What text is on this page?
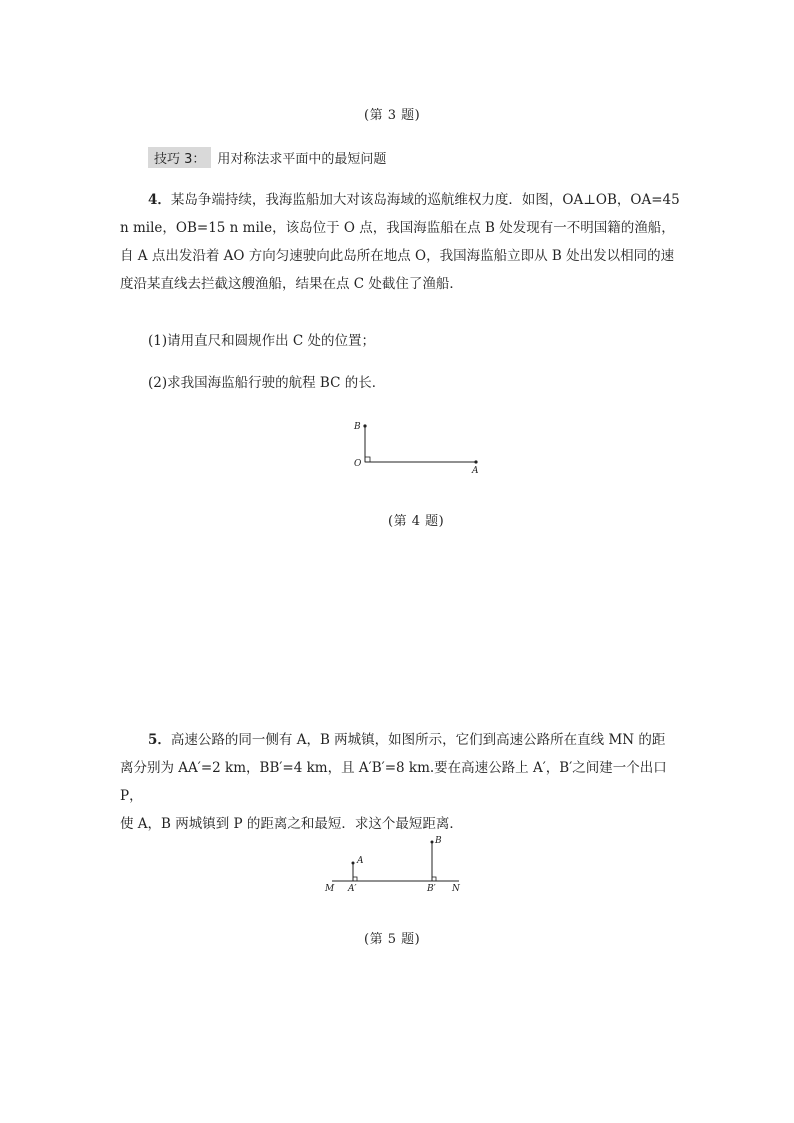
(第 3 题)
技巧 3： 用对称法求平面中的最短问题
4．某岛争端持续，我海监船加大对该岛海域的巡航维权力度．如图，OA⊥OB，OA=45
n mile，OB=15 n mile，该岛位于 O 点，我国海监船在点 B 处发现有一不明国籍的渔船，
自 A 点出发沿着 AO 方向匀速驶向此岛所在地点 O，我国海监船立即从 B 处出发以相同的速
度沿某直线去拦截这艘渔船，结果在点 C 处截住了渔船．
(1)请用直尺和圆规作出 C 处的位置；
(2)求我国海监船行驶的航程 BC 的长．
B
O
A
(第 4 题)
5．高速公路的同一侧有 A，B 两城镇，如图所示，它们到高速公路所在直线 MN 的距
离分别为 AA′=2 km，BB′=4 km，且 A′B′=8 km.要在高速公路上 A′，B′之间建一个出口 P，
使 A，B 两城镇到 P 的距离之和最短．求这个最短距离．
A
B
M A′	B′ N
(第 5 题)
